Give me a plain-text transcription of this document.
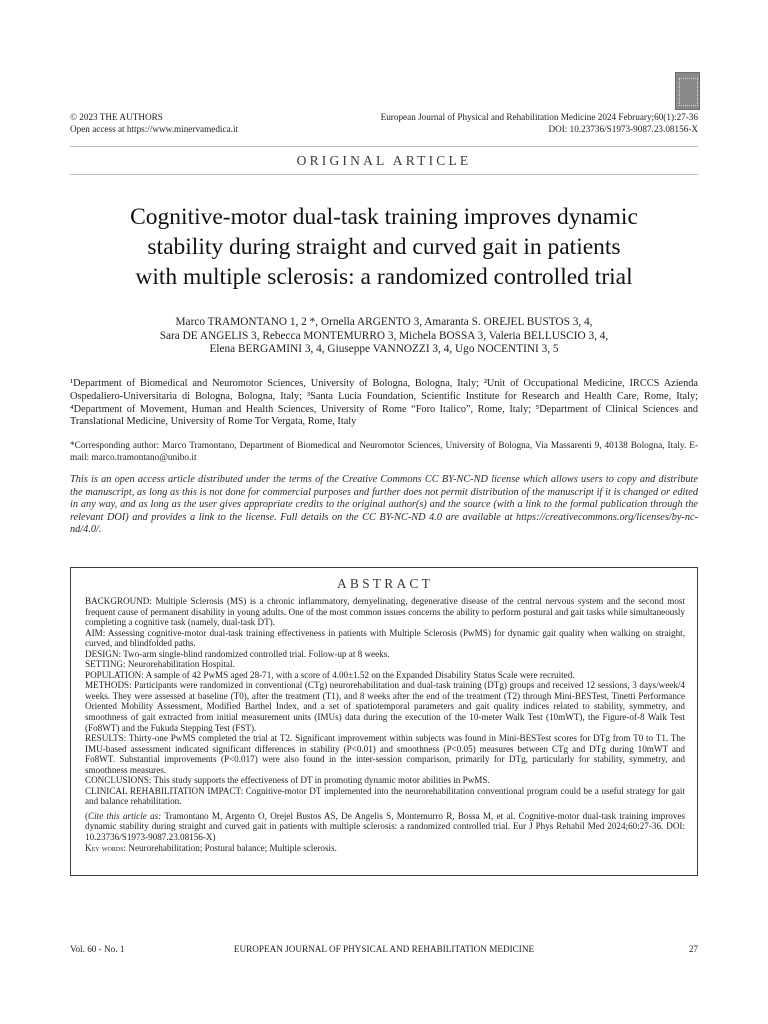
© 2023 THE AUTHORS
Open access at https://www.minervamedica.it
European Journal of Physical and Rehabilitation Medicine 2024 February;60(1):27-36
DOI: 10.23736/S1973-9087.23.08156-X
ORIGINAL ARTICLE
Cognitive-motor dual-task training improves dynamic
stability during straight and curved gait in patients
with multiple sclerosis: a randomized controlled trial
Marco TRAMONTANO 1, 2 *, Ornella ARGENTO 3, Amaranta S. OREJEL BUSTOS 3, 4,
Sara DE ANGELIS 3, Rebecca MONTEMURRO 3, Michela BOSSA 3, Valeria BELLUSCIO 3, 4,
Elena BERGAMINI 3, 4, Giuseppe VANNOZZI 3, 4, Ugo NOCENTINI 3, 5
¹Department of Biomedical and Neuromotor Sciences, University of Bologna, Bologna, Italy; ²Unit of Occupational Medicine, IRCCS Azienda Ospedaliero-Universitaria di Bologna, Bologna, Italy; ³Santa Lucia Foundation, Scientific Institute for Research and Health Care, Rome, Italy; ⁴Department of Movement, Human and Health Sciences, University of Rome “Foro Italico”, Rome, Italy; ⁵Department of Clinical Sciences and Translational Medicine, University of Rome Tor Vergata, Rome, Italy
*Corresponding author: Marco Tramontano, Department of Biomedical and Neuromotor Sciences, University of Bologna, Via Massarenti 9, 40138 Bologna, Italy. E-mail: marco.tramontano@unibo.it
This is an open access article distributed under the terms of the Creative Commons CC BY-NC-ND license which allows users to copy and distribute the manuscript, as long as this is not done for commercial purposes and further does not permit distribution of the manuscript if it is changed or edited in any way, and as long as the user gives appropriate credits to the original author(s) and the source (with a link to the formal publication through the relevant DOI) and provides a link to the license. Full details on the CC BY-NC-ND 4.0 are available at https://creativecommons.org/licenses/by-nc-nd/4.0/.
ABSTRACT

BACKGROUND: Multiple Sclerosis (MS) is a chronic inflammatory, demyelinating, degenerative disease of the central nervous system and the second most frequent cause of permanent disability in young adults. One of the most common issues concerns the ability to perform postural and gait tasks while simultaneously completing a cognitive task (namely, dual-task DT).

AIM: Assessing cognitive-motor dual-task training effectiveness in patients with Multiple Sclerosis (PwMS) for dynamic gait quality when walking on straight, curved, and blindfolded paths.

DESIGN: Two-arm single-blind randomized controlled trial. Follow-up at 8 weeks.

SETTING: Neurorehabilitation Hospital.

POPULATION: A sample of 42 PwMS aged 28-71, with a score of 4.00±1.52 on the Expanded Disability Status Scale were recruited.

METHODS: Participants were randomized in conventional (CTg) neurorehabilitation and dual-task training (DTg) groups and received 12 sessions, 3 days/week/4 weeks. They were assessed at baseline (T0), after the treatment (T1), and 8 weeks after the end of the treatment (T2) through Mini-BESTest, Tinetti Performance Oriented Mobility Assessment, Modified Barthel Index, and a set of spatiotemporal parameters and gait quality indices related to stability, symmetry, and smoothness of gait extracted from initial measurement units (IMUs) data during the execution of the 10-meter Walk Test (10mWT), the Figure-of-8 Walk Test (Fo8WT) and the Fukuda Stepping Test (FST).

RESULTS: Thirty-one PwMS completed the trial at T2. Significant improvement within subjects was found in Mini-BESTest scores for DTg from T0 to T1. The IMU-based assessment indicated significant differences in stability (P<0.01) and smoothness (P<0.05) measures between CTg and DTg during 10mWT and Fo8WT. Substantial improvements (P<0.017) were also found in the inter-session comparison, primarily for DTg, particularly for stability, symmetry, and smoothness measures.

CONCLUSIONS: This study supports the effectiveness of DT in promoting dynamic motor abilities in PwMS.

CLINICAL REHABILITATION IMPACT: Cognitive-motor DT implemented into the neurorehabilitation conventional program could be a useful strategy for gait and balance rehabilitation.

(Cite this article as: Tramontano M, Argento O, Orejel Bustos AS, De Angelis S, Montemurro R, Bossa M, et al. Cognitive-motor dual-task training improves dynamic stability during straight and curved gait in patients with multiple sclerosis: a randomized controlled trial. Eur J Phys Rehabil Med 2024;60:27-36. DOI: 10.23736/S1973-9087.23.08156-X)

Key words: Neurorehabilitation; Postural balance; Multiple sclerosis.

Vol. 60 - No. 1	EUROPEAN JOURNAL OF PHYSICAL AND REHABILITATION MEDICINE	27
